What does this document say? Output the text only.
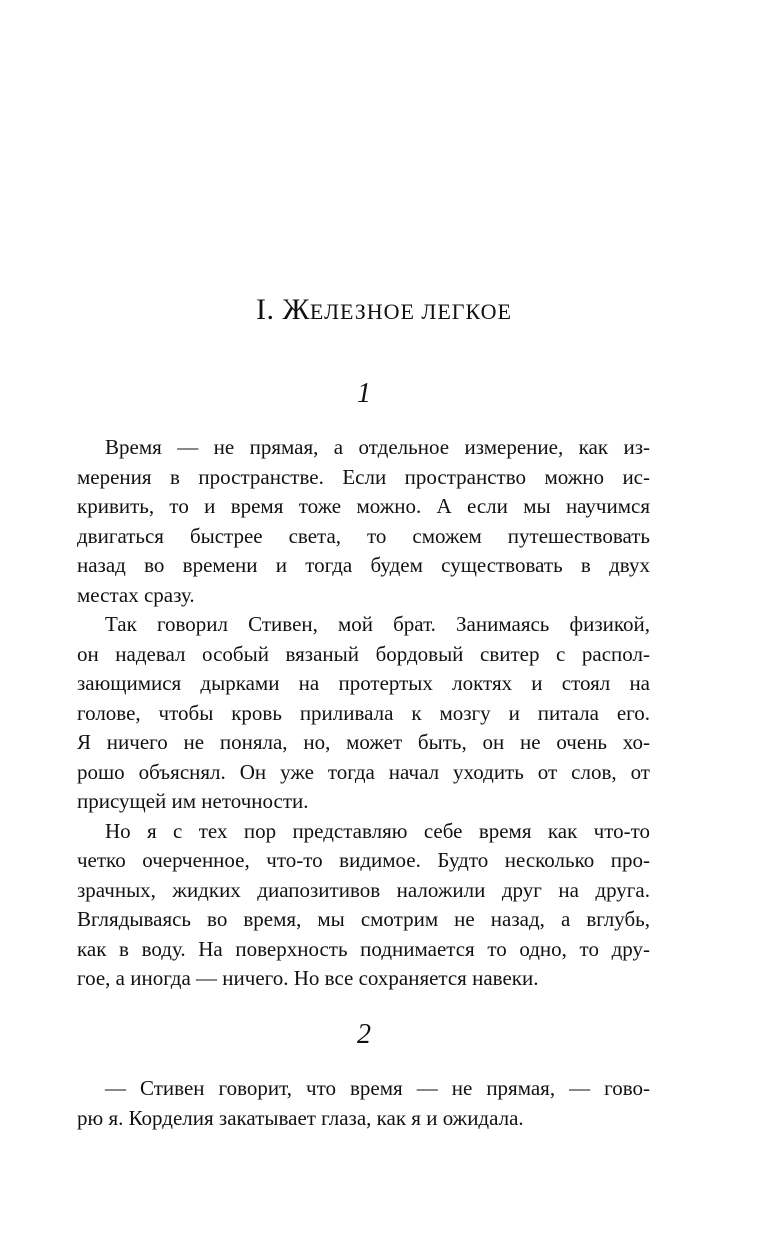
I. ЖЕЛЕЗНОЕ ЛЕГКОЕ
1
Время — не прямая, а отдельное измерение, как из-
мерения в пространстве. Если пространство можно ис-
кривить, то и время тоже можно. А если мы научимся
двигаться быстрее света, то сможем путешествовать
назад во времени и тогда будем существовать в двух
местах сразу.
Так говорил Стивен, мой брат. Занимаясь физикой,
он надевал особый вязаный бордовый свитер с распол-
зающимися дырками на протертых локтях и стоял на
голове, чтобы кровь приливала к мозгу и питала его.
Я ничего не поняла, но, может быть, он не очень хо-
рошо объяснял. Он уже тогда начал уходить от слов, от
присущей им неточности.
Но я с тех пор представляю себе время как что-то
четко очерченное, что-то видимое. Будто несколько про-
зрачных, жидких диапозитивов наложили друг на друга.
Вглядываясь во время, мы смотрим не назад, а вглубь,
как в воду. На поверхность поднимается то одно, то дру-
гое, а иногда — ничего. Но все сохраняется навеки.
2
— Стивен говорит, что время — не прямая, — гово-
рю я. Корделия закатывает глаза, как я и ожидала.
